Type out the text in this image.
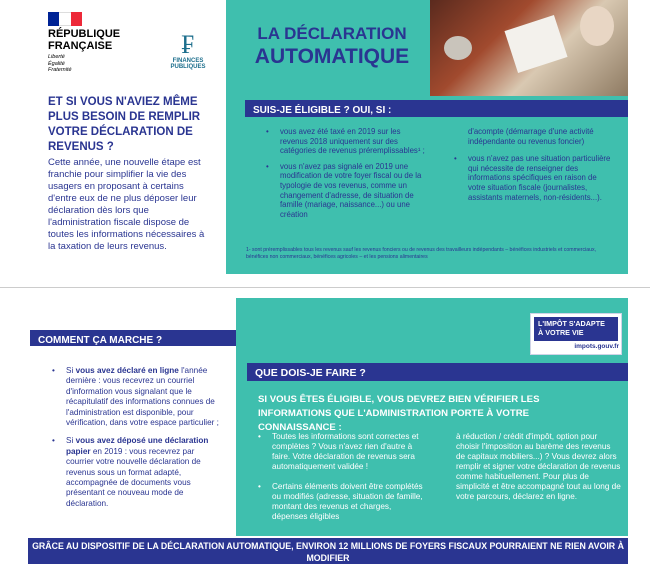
RÉPUBLIQUE
FRANÇAISE
Liberté
Égalité
Fraternité
₣
FINANCES PUBLIQUES
ET SI VOUS N'AVIEZ MÊME PLUS BESOIN DE REMPLIR VOTRE DÉCLARATION DE REVENUS ?
Cette année, une nouvelle étape est franchie pour simplifier la vie des usagers en proposant à certains d'entre eux de ne plus déposer leur déclaration dès lors que l'administration fiscale dispose de toutes les informations nécessaires à la taxation de leurs revenus.
LA DÉCLARATION
AUTOMATIQUE
SUIS-JE ÉLIGIBLE ? OUI, SI :
• vous avez été taxé en 2019 sur les revenus 2018 uniquement sur des catégories de revenus préremplissables¹ ;
• vous n'avez pas signalé en 2019 une modification de votre foyer fiscal ou de la typologie de vos revenus, comme un changement d'adresse, de situation de famille (mariage, naissance...) ou une création
d'acompte (démarrage d'une activité indépendante ou revenus foncier)
• vous n'avez pas une situation particulière qui nécessite de renseigner des informations spécifiques en raison de votre situation fiscale (journalistes, assistants maternels, non-résidents...).
1- sont préremplissables tous les revenus sauf les revenus fonciers ou de revenus des travailleurs indépendants – bénéfices industriels et commerciaux, bénéfices non commerciaux, bénéfices agricoles – et les pensions alimentaires
COMMENT ÇA MARCHE ?
• Si vous avez déclaré en ligne l'année dernière : vous recevrez un courriel d'information vous signalant que le récapitulatif des informations connues de l'administration est disponible, pour vérification, dans votre espace particulier ;
• Si vous avez déposé une déclaration papier en 2019 : vous recevrez par courrier votre nouvelle déclaration de revenus sous un format adapté, accompagnée de documents vous présentant ce nouveau mode de déclaration.
L'IMPÔT S'ADAPTE
À VOTRE VIE
impots.gouv.fr
QUE DOIS-JE FAIRE ?
SI VOUS ÊTES ÉLIGIBLE, VOUS DEVREZ BIEN VÉRIFIER LES INFORMATIONS QUE L'ADMINISTRATION PORTE À VOTRE CONNAISSANCE :
• Toutes les informations sont correctes et complètes ? Vous n'avez rien d'autre à faire. Votre déclaration de revenus sera automatiquement validée !
• Certains éléments doivent être complétés ou modifiés (adresse, situation de famille, montant des revenus et charges, dépenses éligibles
à réduction / crédit d'impôt, option pour choisir l'imposition au barème des revenus de capitaux mobiliers...) ? Vous devrez alors remplir et signer votre déclaration de revenus comme habituellement. Pour plus de simplicité et être accompagné tout au long de votre parcours, déclarez en ligne.
GRÂCE AU DISPOSITIF DE LA DÉCLARATION AUTOMATIQUE, ENVIRON 12 MILLIONS DE FOYERS FISCAUX POURRAIENT NE RIEN AVOIR À MODIFIER
ET DONC NE PLUS AVOIR À DÉPOSER LEUR DÉCLARATION CETTE ANNÉE
